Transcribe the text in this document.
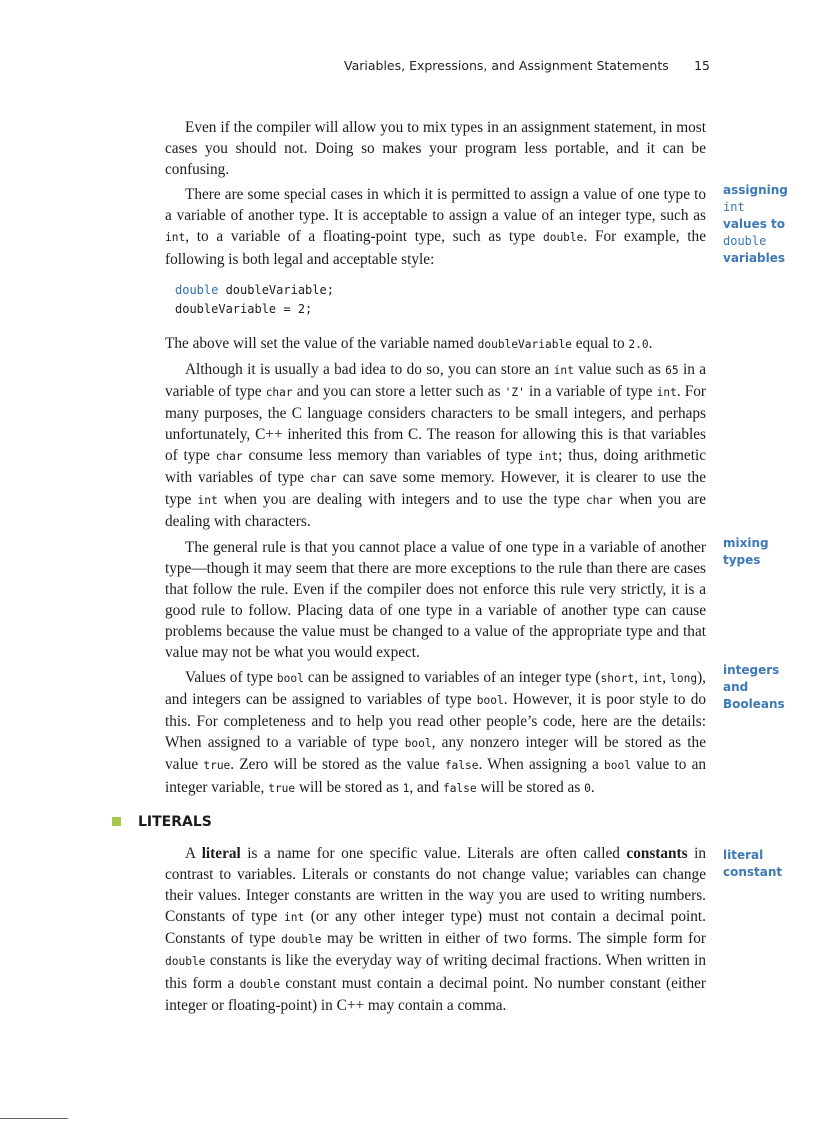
Variables, Expressions, and Assignment Statements 15

Even if the compiler will allow you to mix types in an assignment statement, in most cases you should not. Doing so makes your program less portable, and it can be confusing.

There are some special cases in which it is permitted to assign a value of one type to a variable of another type. It is acceptable to assign a value of an integer type, such as int, to a variable of a floating-point type, such as type double. For example, the following is both legal and acceptable style:

double doubleVariable;
doubleVariable = 2;

The above will set the value of the variable named doubleVariable equal to 2.0.

Although it is usually a bad idea to do so, you can store an int value such as 65 in a variable of type char and you can store a letter such as 'Z' in a variable of type int. For many purposes, the C language considers characters to be small integers, and perhaps unfortunately, C++ inherited this from C. The reason for allowing this is that variables of type char consume less memory than variables of type int; thus, doing arithmetic with variables of type char can save some memory. However, it is clearer to use the type int when you are dealing with integers and to use the type char when you are dealing with characters.

The general rule is that you cannot place a value of one type in a variable of another type—though it may seem that there are more exceptions to the rule than there are cases that follow the rule. Even if the compiler does not enforce this rule very strictly, it is a good rule to follow. Placing data of one type in a variable of another type can cause problems because the value must be changed to a value of the appropriate type and that value may not be what you would expect.

Values of type bool can be assigned to variables of an integer type (short, int, long), and integers can be assigned to variables of type bool. However, it is poor style to do this. For completeness and to help you read other people’s code, here are the details: When assigned to a variable of type bool, any nonzero integer will be stored as the value true. Zero will be stored as the value false. When assigning a bool value to an integer variable, true will be stored as 1, and false will be stored as 0.

assigning
int
values to
double
variables
mixing
types
integers
and
Booleans
LITERALS

A literal is a name for one specific value. Literals are often called constants in contrast to variables. Literals or constants do not change value; variables can change their values. Integer constants are written in the way you are used to writing numbers. Constants of type int (or any other integer type) must not contain a decimal point. Constants of type double may be written in either of two forms. The simple form for double constants is like the everyday way of writing decimal fractions. When written in this form a double constant must contain a decimal point. No number constant (either integer or floating-point) in C++ may contain a comma.

literal
constant
